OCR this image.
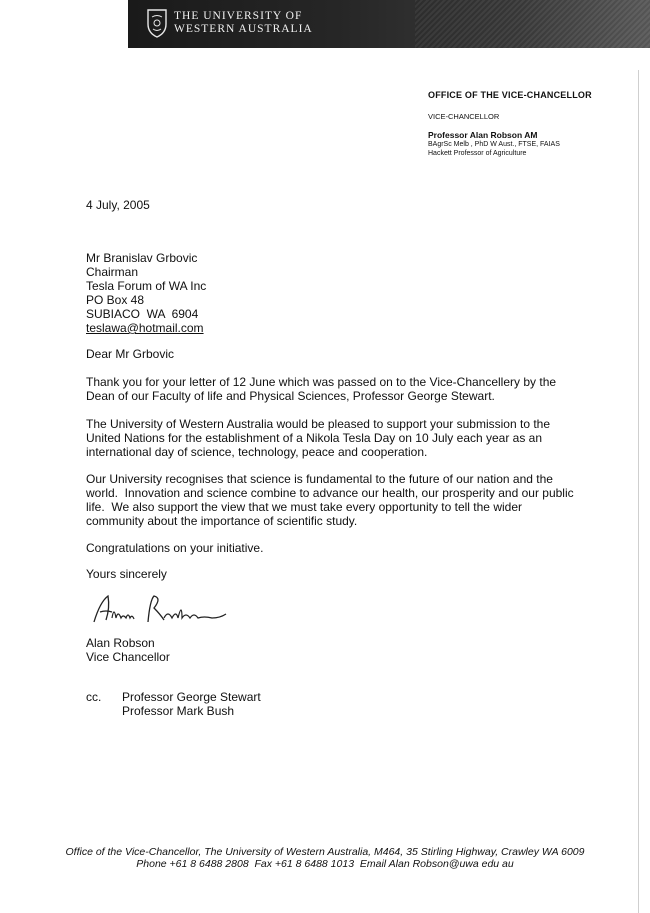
THE UNIVERSITY OF
WESTERN AUSTRALIA
OFFICE OF THE VICE-CHANCELLOR
VICE-CHANCELLOR
Professor Alan Robson AM
BAgrSc Melb , PhD W Aust., FTSE, FAIAS
Hackett Professor of Agriculture
4 July, 2005
Mr Branislav Grbovic
Chairman
Tesla Forum of WA Inc
PO Box 48
SUBIACO  WA  6904
teslawa@hotmail.com
Dear Mr Grbovic
Thank you for your letter of 12 June which was passed on to the Vice-Chancellery by the
Dean of our Faculty of life and Physical Sciences, Professor George Stewart.
The University of Western Australia would be pleased to support your submission to the
United Nations for the establishment of a Nikola Tesla Day on 10 July each year as an
international day of science, technology, peace and cooperation.
Our University recognises that science is fundamental to the future of our nation and the
world.  Innovation and science combine to advance our health, our prosperity and our public
life.  We also support the view that we must take every opportunity to tell the wider
community about the importance of scientific study.
Congratulations on your initiative.
Yours sincerely
Alan Robson
Vice Chancellor
cc. Professor George Stewart
Professor Mark Bush
Office of the Vice-Chancellor, The University of Western Australia, M464, 35 Stirling Highway, Crawley WA 6009
Phone +61 8 6488 2808  Fax +61 8 6488 1013  Email Alan Robson@uwa edu au
